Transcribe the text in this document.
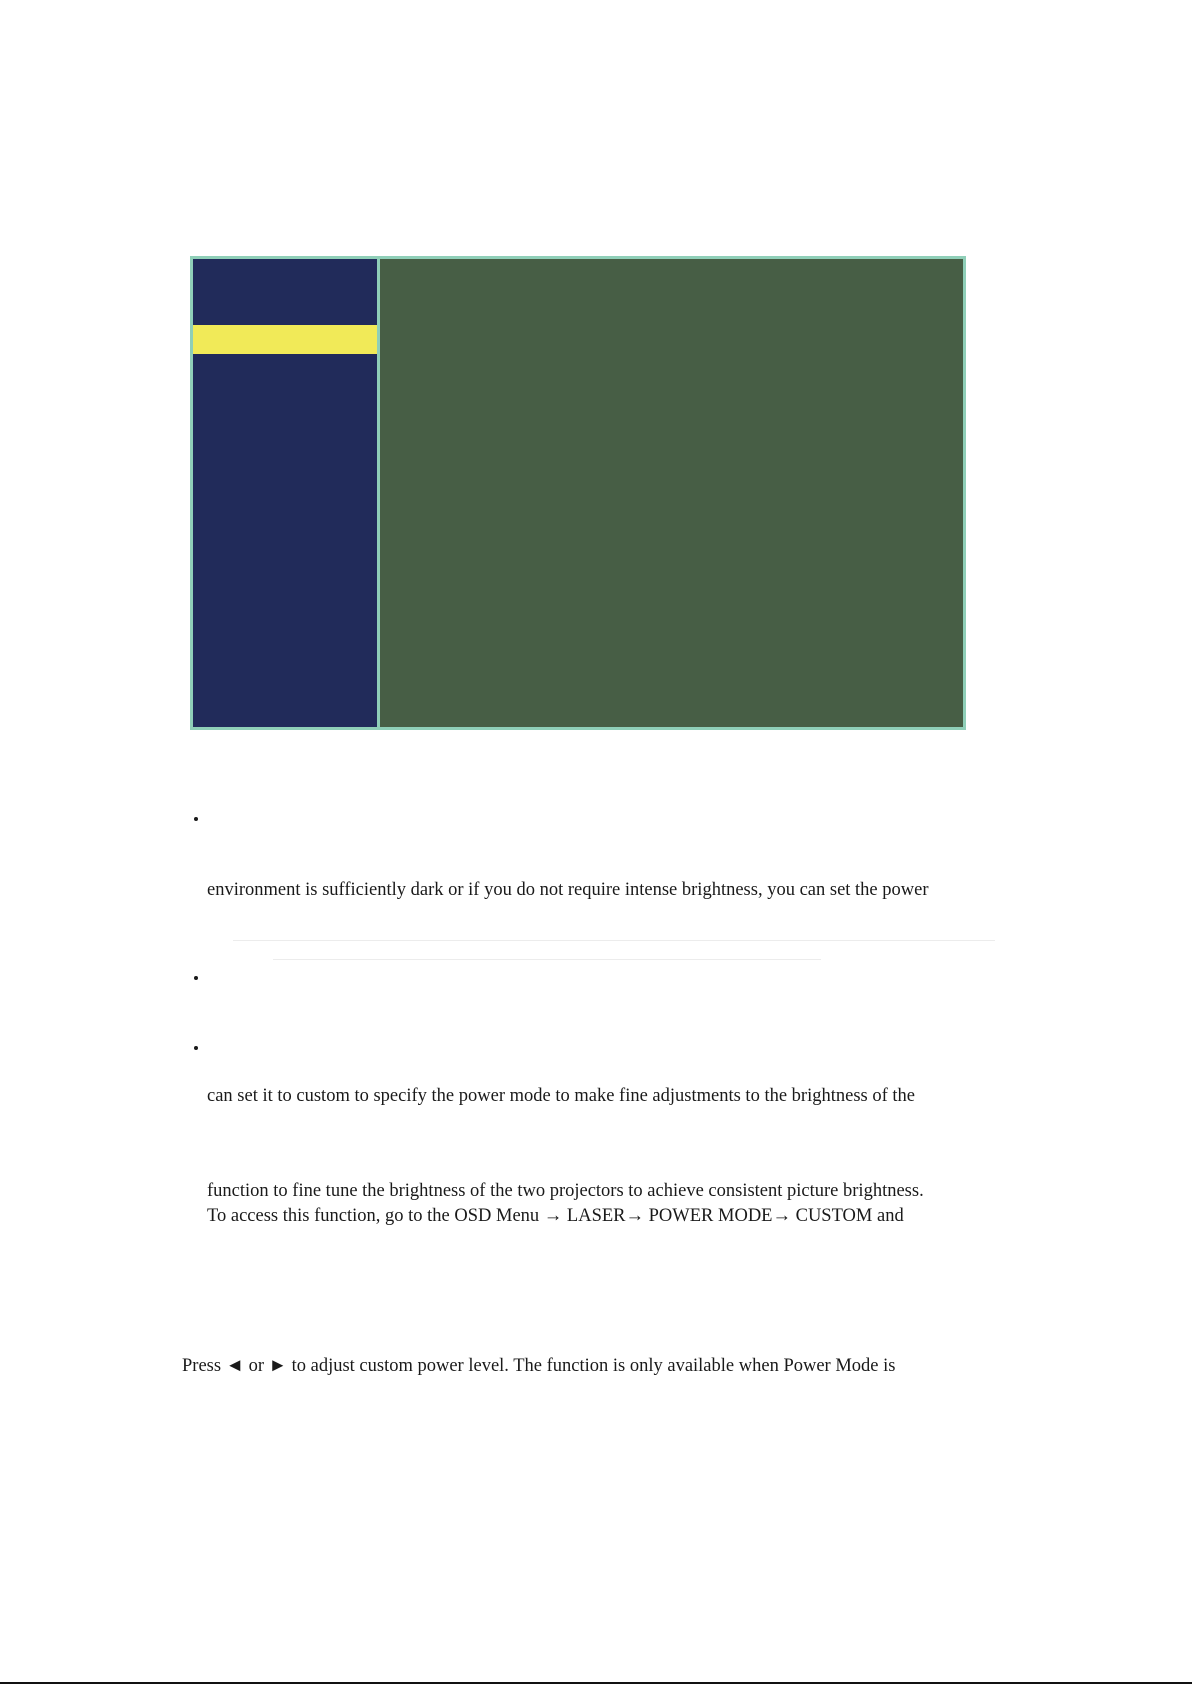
environment is sufficiently dark or if you do not require intense brightness, you can set the power
can set it to custom to specify the power mode to make fine adjustments to the brightness of the
function to fine tune the brightness of the two projectors to achieve consistent picture brightness.
To access this function, go to the OSD Menu → LASER→ POWER MODE→ CUSTOM and
Press ◄ or ► to adjust custom power level. The function is only available when Power Mode is
